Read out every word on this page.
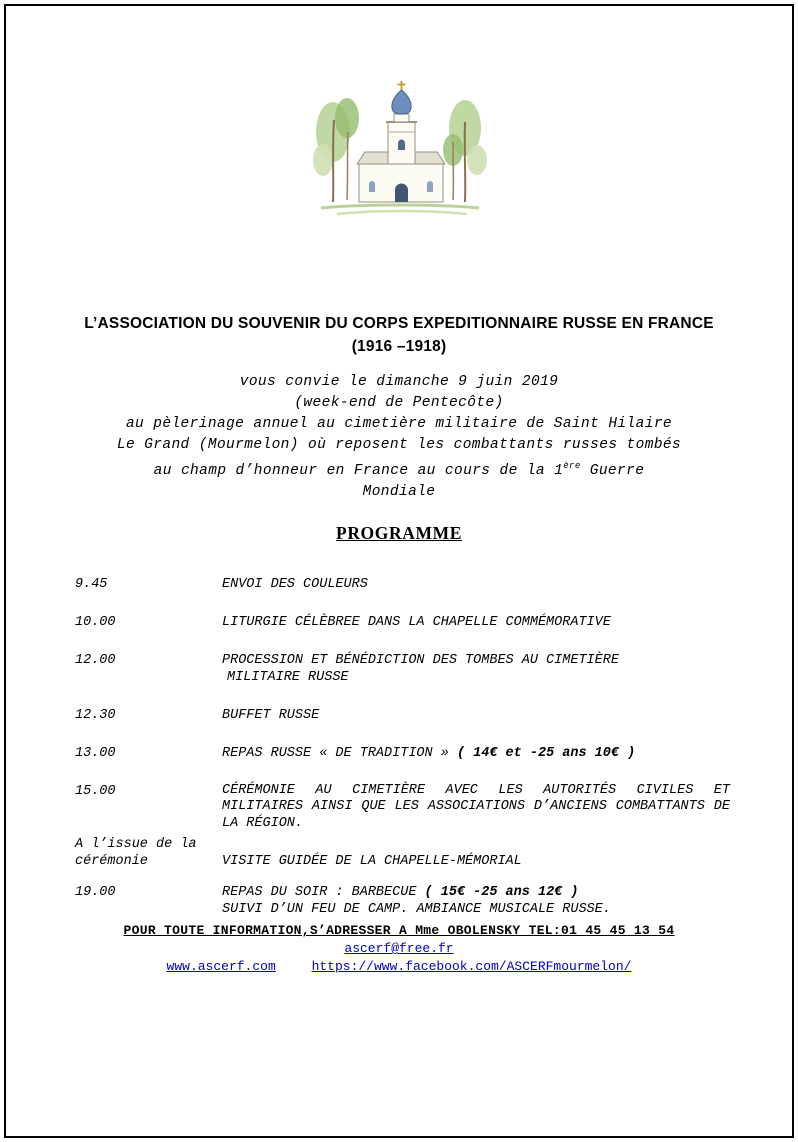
L’ASSOCIATION DU SOUVENIR DU CORPS EXPEDITIONNAIRE RUSSE EN FRANCE
(1916 –1918)
vous convie le dimanche 9 juin 2019
(week-end de Pentecôte)
au pèlerinage annuel au cimetière militaire de Saint Hilaire
Le Grand (Mourmelon) où reposent les combattants russes tombés
au champ d’honneur en France au cours de la 1ère Guerre
Mondiale
PROGRAMME
9.45	ENVOI DES COULEURS
10.00	LITURGIE CÉLÈBREE DANS LA CHAPELLE COMMÉMORATIVE
12.00	PROCESSION ET BÉNÉDICTION DES TOMBES AU CIMETIÈRE
MILITAIRE RUSSE
12.30	BUFFET RUSSE
13.00	REPAS RUSSE « DE TRADITION » ( 14€ et -25 ans 10€ )
15.00	CÉRÉMONIE AU CIMETIÈRE AVEC LES AUTORITÉS CIVILES ET MILITAIRES AINSI QUE LES ASSOCIATIONS D’ANCIENS COMBATTANTS DE LA RÉGION.
A l’issue de la
cérémonie	VISITE GUIDÉE DE LA CHAPELLE-MÉMORIAL
19.00	REPAS DU SOIR : BARBECUE ( 15€ -25 ans 12€ )
SUIVI D’UN FEU DE CAMP. AMBIANCE MUSICALE RUSSE.
POUR TOUTE INFORMATION,S’ADRESSER A Mme OBOLENSKY TEL:01 45 45 13 54
ascerf@free.fr
www.ascerf.com	https://www.facebook.com/ASCERFmourmelon/
